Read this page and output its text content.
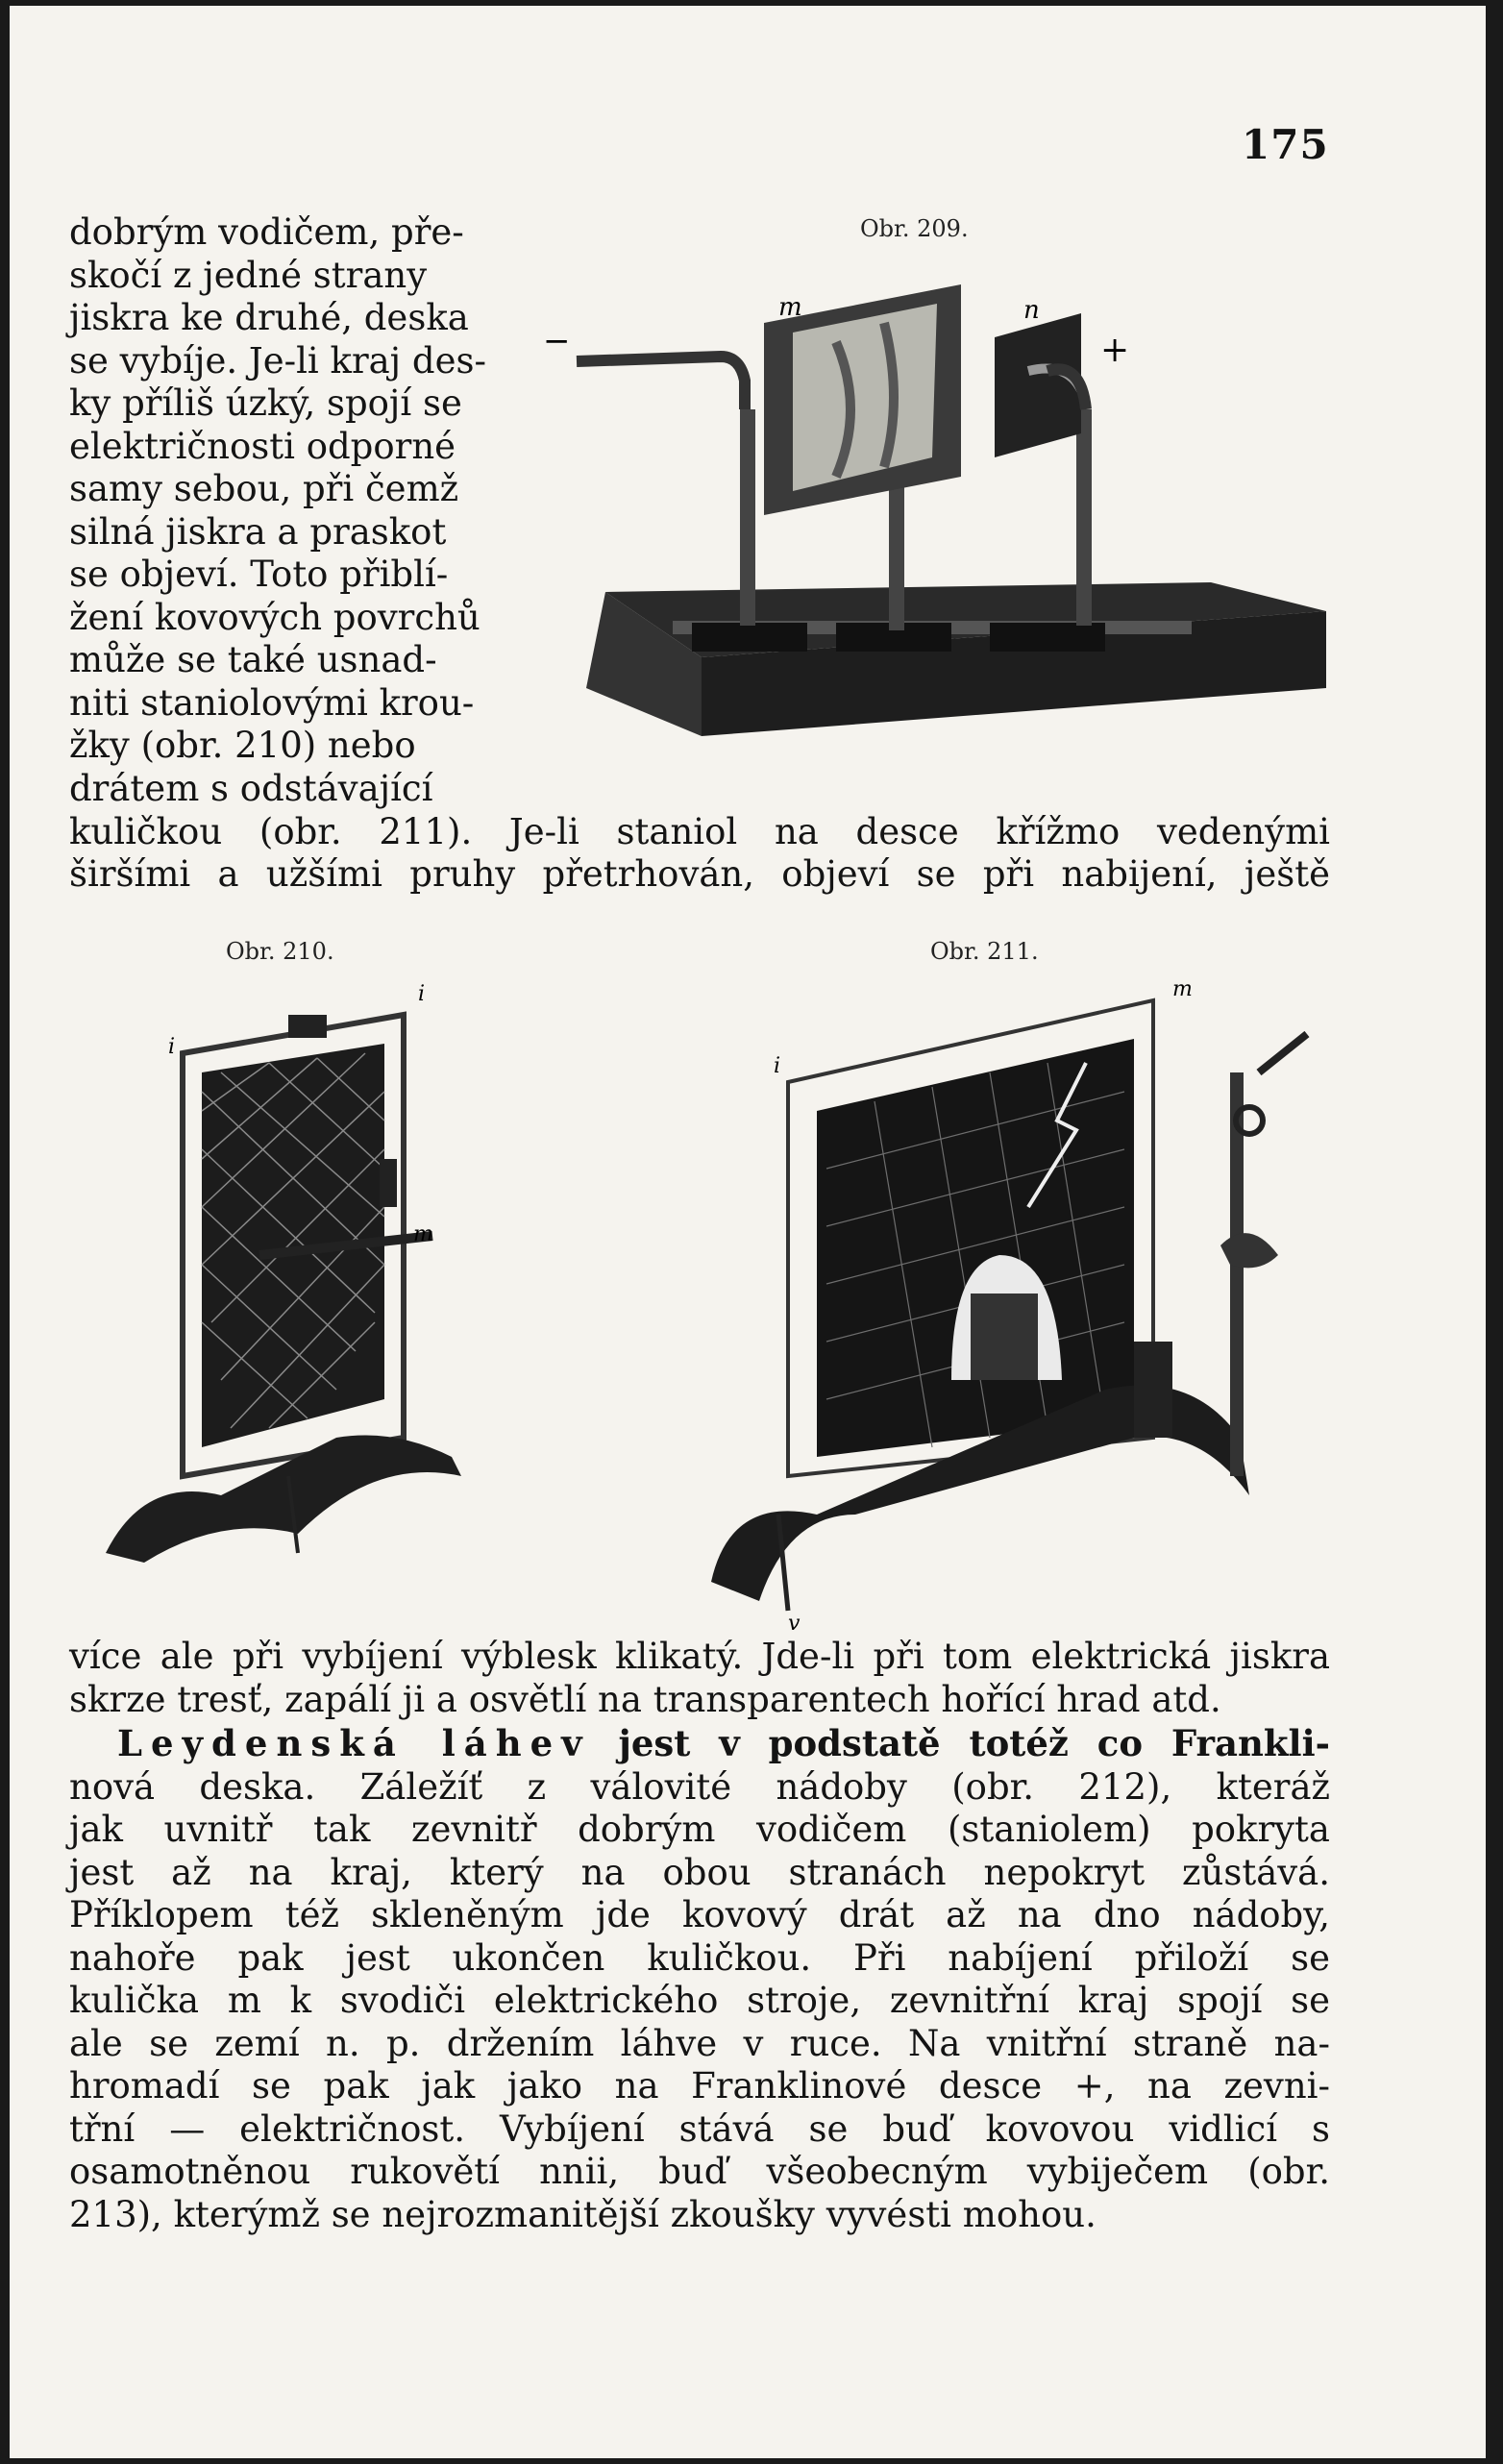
175
Obr. 209.
−
m	n
+
dobrým vodičem, pře-
skočí z jedné strany
jiskra ke druhé, deska
se vybíje. Je-li kraj des-
ky příliš úzký, spojí se
električnosti odporné
samy sebou, při čemž
silná jiskra a praskot
se objeví. Toto přiblí-
žení kovových povrchů
může se také usnad-
niti staniolovými krou-
žky (obr. 210) nebo
drátem s odstávající
kuličkou (obr. 211). Je-li staniol na desce křížmo vedenými
širšími a užšími pruhy přetrhován, objeví se při nabijení, ještě
Obr. 210.
i
i
m
Obr. 211.
i
m
v
více ale při vybíjení výblesk klikatý. Jde-li při tom elektrická jiskra
skrze tresť, zapálí ji a osvětlí na transparentech hořící hrad atd.
Leydenská láhev jest v podstatě totéž co Frankli-
nová deska. Záležíť z válovité nádoby (obr. 212), kteráž
jak uvnitř tak zevnitř dobrým vodičem (staniolem) pokryta
jest až na kraj, který na obou stranách nepokryt zůstává.
Příklopem též skleněným jde kovový drát až na dno nádoby,
nahoře pak jest ukončen kuličkou. Při nabíjení přiloží se
kulička m k svodiči elektrického stroje, zevnitřní kraj spojí se
ale se zemí n. p. držením láhve v ruce. Na vnitřní straně na-
hromadí se pak jak jako na Franklinové desce +, na zevni-
třní — električnost. Vybíjení stává se buď kovovou vidlicí s
osamotněnou rukovětí nnii, buď všeobecným vybiječem (obr.
213), kterýmž se nejrozmanitější zkoušky vyvésti mohou.
